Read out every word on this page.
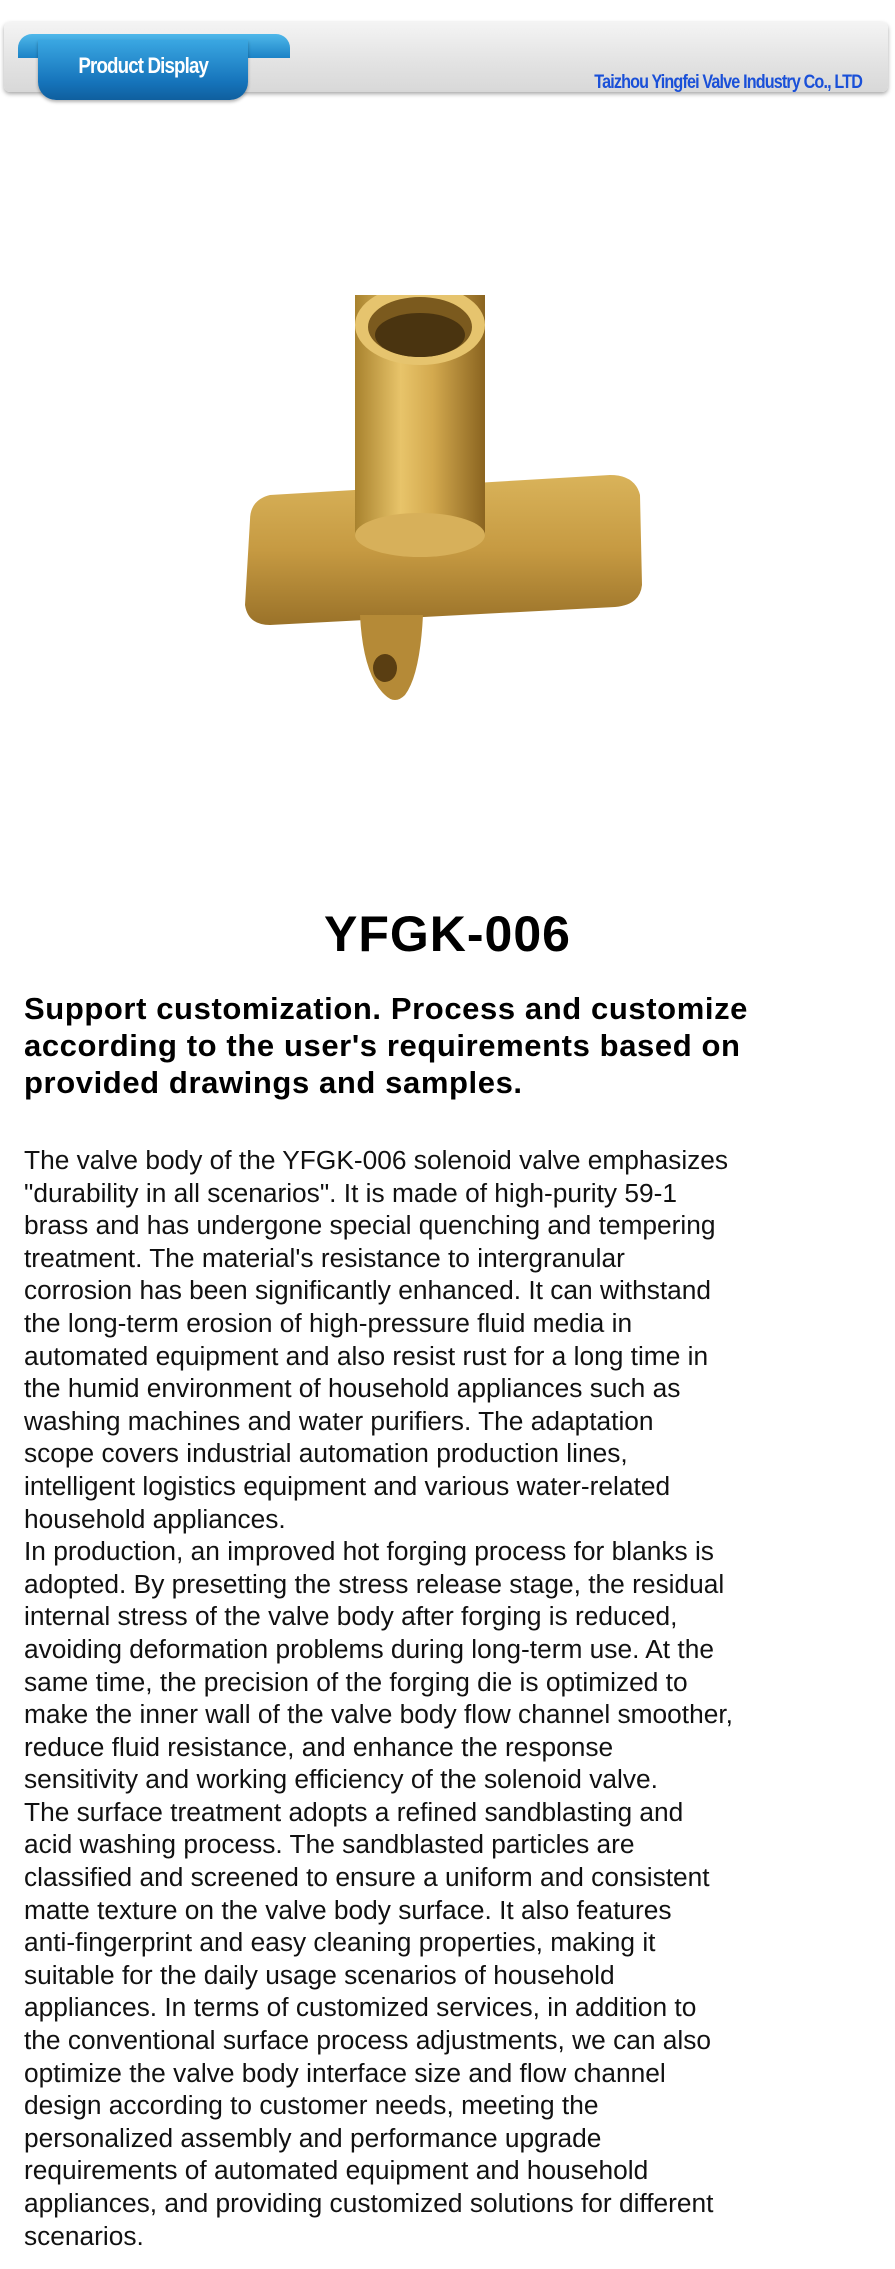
Product Display
Taizhou Yingfei Valve Industry Co., LTD
YFGK-006
Support customization. Process and customize
according to the user's requirements based on
provided drawings and samples.
The valve body of the YFGK-006 solenoid valve emphasizes
"durability in all scenarios". It is made of high-purity 59-1
brass and has undergone special quenching and tempering
treatment. The material's resistance to intergranular
corrosion has been significantly enhanced. It can withstand
the long-term erosion of high-pressure fluid media in
automated equipment and also resist rust for a long time in
the humid environment of household appliances such as
washing machines and water purifiers. The adaptation
scope covers industrial automation production lines,
intelligent logistics equipment and various water-related
household appliances.
In production, an improved hot forging process for blanks is
adopted. By presetting the stress release stage, the residual
internal stress of the valve body after forging is reduced,
avoiding deformation problems during long-term use. At the
same time, the precision of the forging die is optimized to
make the inner wall of the valve body flow channel smoother,
reduce fluid resistance, and enhance the response
sensitivity and working efficiency of the solenoid valve.
The surface treatment adopts a refined sandblasting and
acid washing process. The sandblasted particles are
classified and screened to ensure a uniform and consistent
matte texture on the valve body surface. It also features
anti-fingerprint and easy cleaning properties, making it
suitable for the daily usage scenarios of household
appliances. In terms of customized services, in addition to
the conventional surface process adjustments, we can also
optimize the valve body interface size and flow channel
design according to customer needs, meeting the
personalized assembly and performance upgrade
requirements of automated equipment and household
appliances, and providing customized solutions for different
scenarios.
